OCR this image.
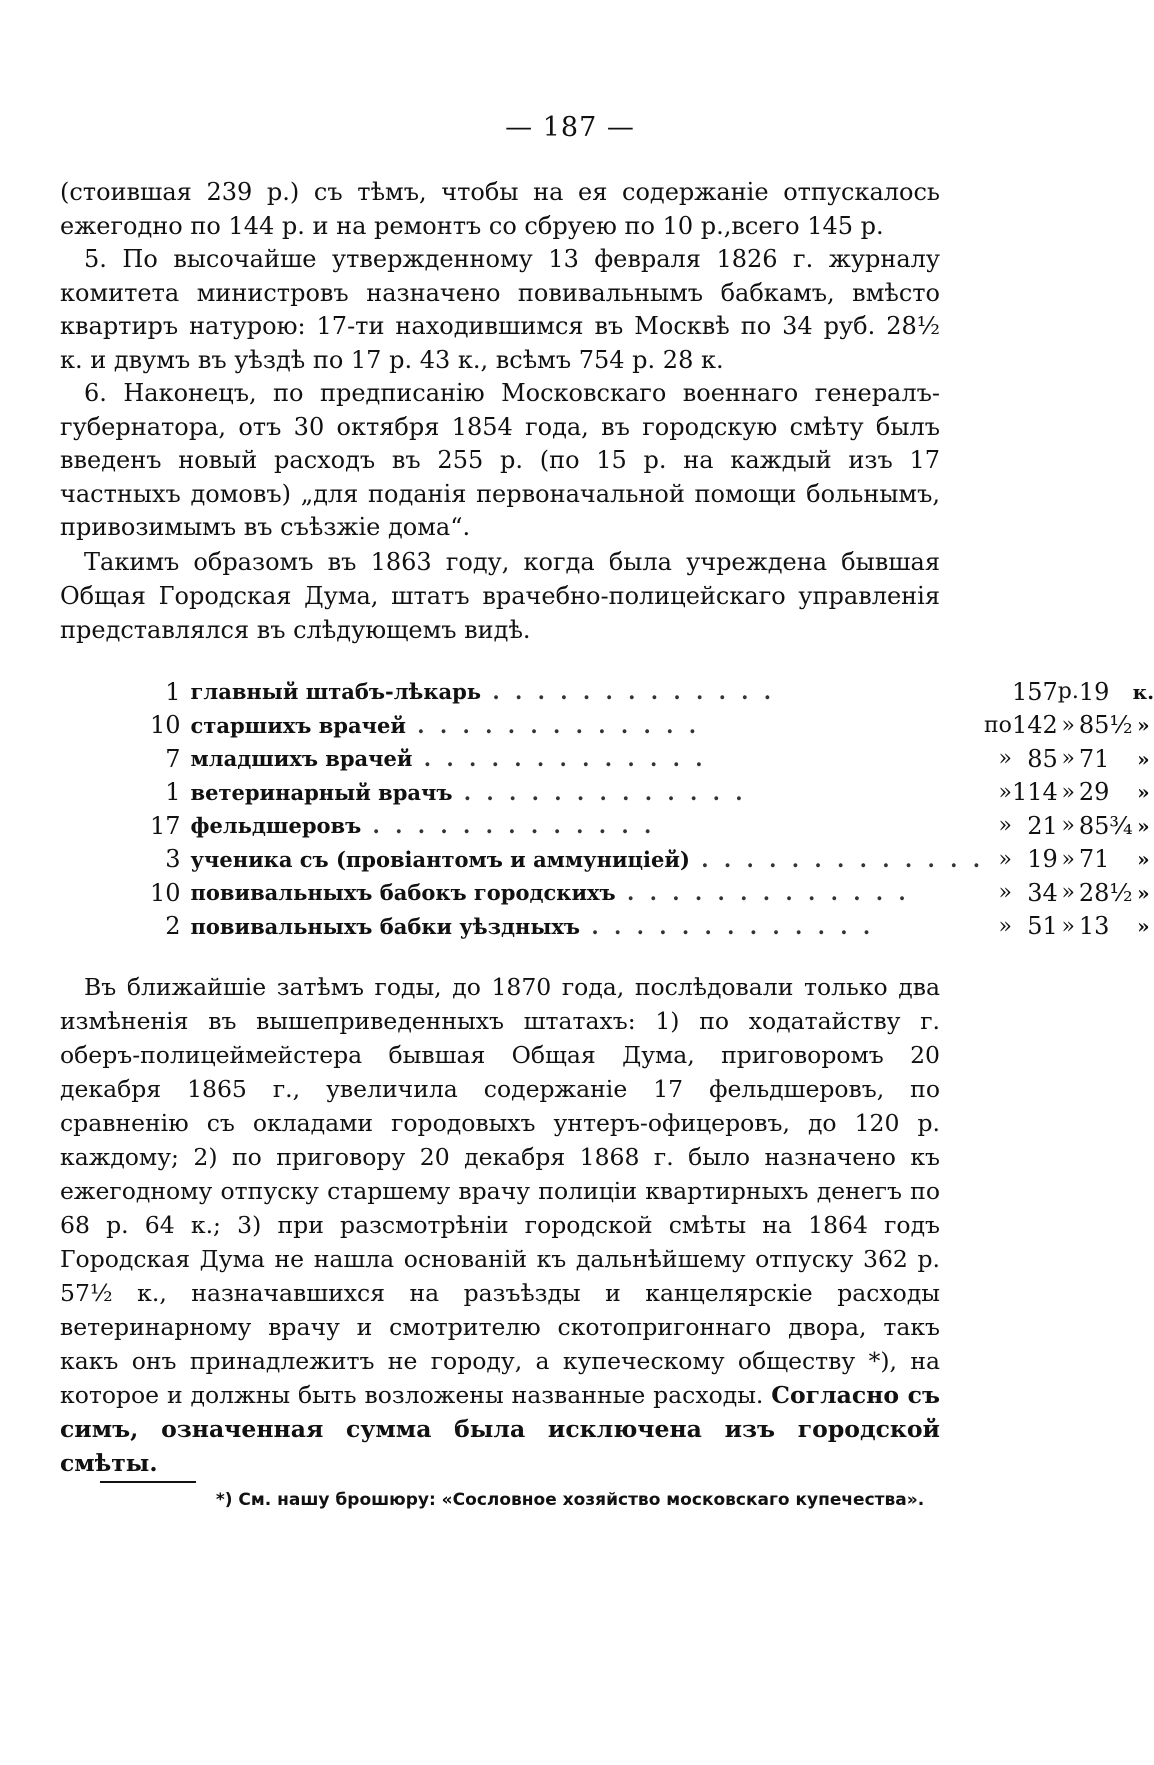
— 187 —

(стоившая 239 р.) съ тѣмъ, чтобы на ея содержаніе отпускалось ежегодно по 144 р. и на ремонтъ со сбруею по 10 р.,всего 145 р.

5. По высочайше утвержденному 13 февраля 1826 г. журналу комитета министровъ назначено повивальнымъ бабкамъ, вмѣсто квартиръ натурою: 17-ти находившимся въ Москвѣ по 34 руб. 28½ к. и двумъ въ уѣздѣ по 17 р. 43 к., всѣмъ 754 р. 28 к.

6. Наконецъ, по предписанію Московскаго военнаго генералъ-губернатора, отъ 30 октября 1854 года, въ городскую смѣту былъ введенъ новый расходъ въ 255 р. (по 15 р. на каждый изъ 17 частныхъ домовъ) „для поданія первоначальной помощи больнымъ, привозимымъ въ съѣзжіе дома“.

Такимъ образомъ въ 1863 году, когда была учреждена бывшая Общая Городская Дума, штатъ врачебно-полицейскаго управленія представлялся въ слѣдующемъ видѣ.

1	главный штабъ-лѣкарь . . . . . . . . . . . . .		157	р.	19	к.
10	старшихъ врачей . . . . . . . . . . . . .	по	142	»	85½	»
7	младшихъ врачей . . . . . . . . . . . . .	»	85	»	71	»
1	ветеринарный врачъ . . . . . . . . . . . . .	»	114	»	29	»
17	фельдшеровъ . . . . . . . . . . . . .	»	21	»	85¾	»
3	ученика съ (провіантомъ и аммуниціей) . . . . . . . . . . . . .	»	19	»	71	»
10	повивальныхъ бабокъ городскихъ . . . . . . . . . . . . .	»	34	»	28½	»
2	повивальныхъ бабки уѣздныхъ . . . . . . . . . . . . .	»	51	»	13	»

Въ ближайшіе затѣмъ годы, до 1870 года, послѣдовали только два измѣненія въ вышеприведенныхъ штатахъ: 1) по ходатайству г. оберъ-полицеймейстера бывшая Общая Дума, приговоромъ 20 декабря 1865 г., увеличила содержаніе 17 фельдшеровъ, по сравненію съ окладами городовыхъ унтеръ-офицеровъ, до 120 р. каждому; 2) по приговору 20 декабря 1868 г. было назначено къ ежегодному отпуску старшему врачу полиціи квартирныхъ денегъ по 68 р. 64 к.; 3) при разсмотрѣніи городской смѣты на 1864 годъ Городская Дума не нашла основаній къ дальнѣйшему отпуску 362 р. 57½ к., назначавшихся на разъѣзды и канцелярскіе расходы ветеринарному врачу и смотрителю скотопригоннаго двора, такъ какъ онъ принадлежитъ не городу, а купеческому обществу *), на которое и должны быть возложены названные расходы. Согласно съ симъ, означенная сумма была исключена изъ городской смѣты.

*) См. нашу брошюру: «Сословное хозяйство московскаго купечества».
